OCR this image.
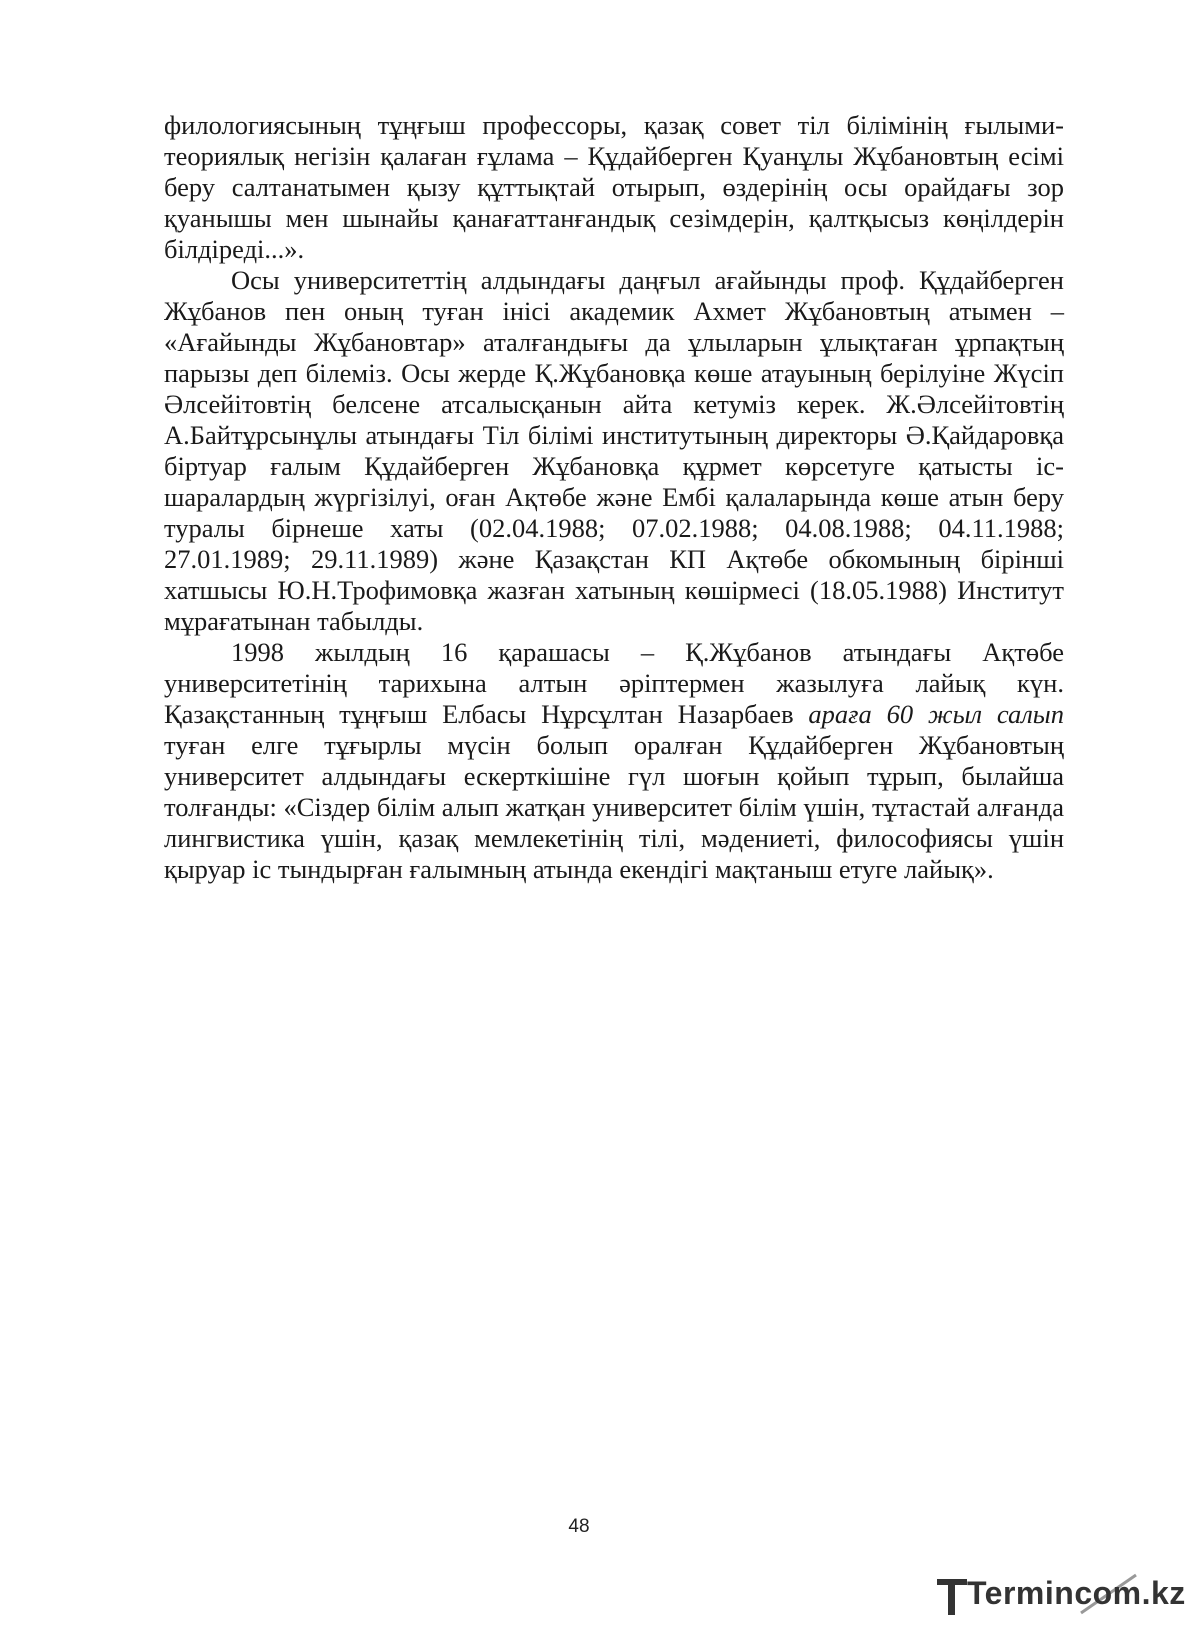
филологиясының тұңғыш профессоры, қазақ совет тіл білімінің ғылыми-теориялық негізін қалаған ғұлама – Құдайберген Қуанұлы Жұбановтың есімі беру салтанатымен қызу құттықтай отырып, өздерінің осы орайдағы зор қуанышы мен шынайы қанағаттанғандық сезімдерін, қалтқысыз көңілдерін білдіреді...».

Осы университеттің алдындағы даңғыл ағайынды проф. Құдайберген Жұбанов пен оның туған інісі академик Ахмет Жұбановтың атымен – «Ағайынды Жұбановтар» аталғандығы да ұлыларын ұлықтаған ұрпақтың парызы деп білеміз. Осы жерде Қ.Жұбановқа көше атауының берілуіне Жүсіп Әлсейітовтің белсене атсалысқанын айта кетуміз керек. Ж.Әлсейітовтің А.Байтұрсынұлы атындағы Тіл білімі институтының директоры Ә.Қайдаровқа біртуар ғалым Құдайберген Жұбановқа құрмет көрсетуге қатысты іс-шаралардың жүргізілуі, оған Ақтөбе және Ембі қалаларында көше атын беру туралы бірнеше хаты (02.04.1988; 07.02.1988; 04.08.1988; 04.11.1988; 27.01.1989; 29.11.1989) және Қазақстан КП Ақтөбе обкомының бірінші хатшысы Ю.Н.Трофимовқа жазған хатының көшірмесі (18.05.1988) Институт мұрағатынан табылды.

1998 жылдың 16 қарашасы – Қ.Жұбанов атындағы Ақтөбе университетінің тарихына алтын әріптермен жазылуға лайық күн. Қазақстанның тұңғыш Елбасы Нұрсұлтан Назарбаев араға 60 жыл салып туған елге тұғырлы мүсін болып оралған Құдайберген Жұбановтың университет алдындағы ескерткішіне гүл шоғын қойып тұрып, былайша толғанды: «Сіздер білім алып жатқан университет білім үшін, тұтастай алғанда лингвистика үшін, қазақ мемлекетінің тілі, мәдениеті, философиясы үшін қыруар іс тындырған ғалымның атында екендігі мақтаныш етуге лайық».

48
Termincom.kz
